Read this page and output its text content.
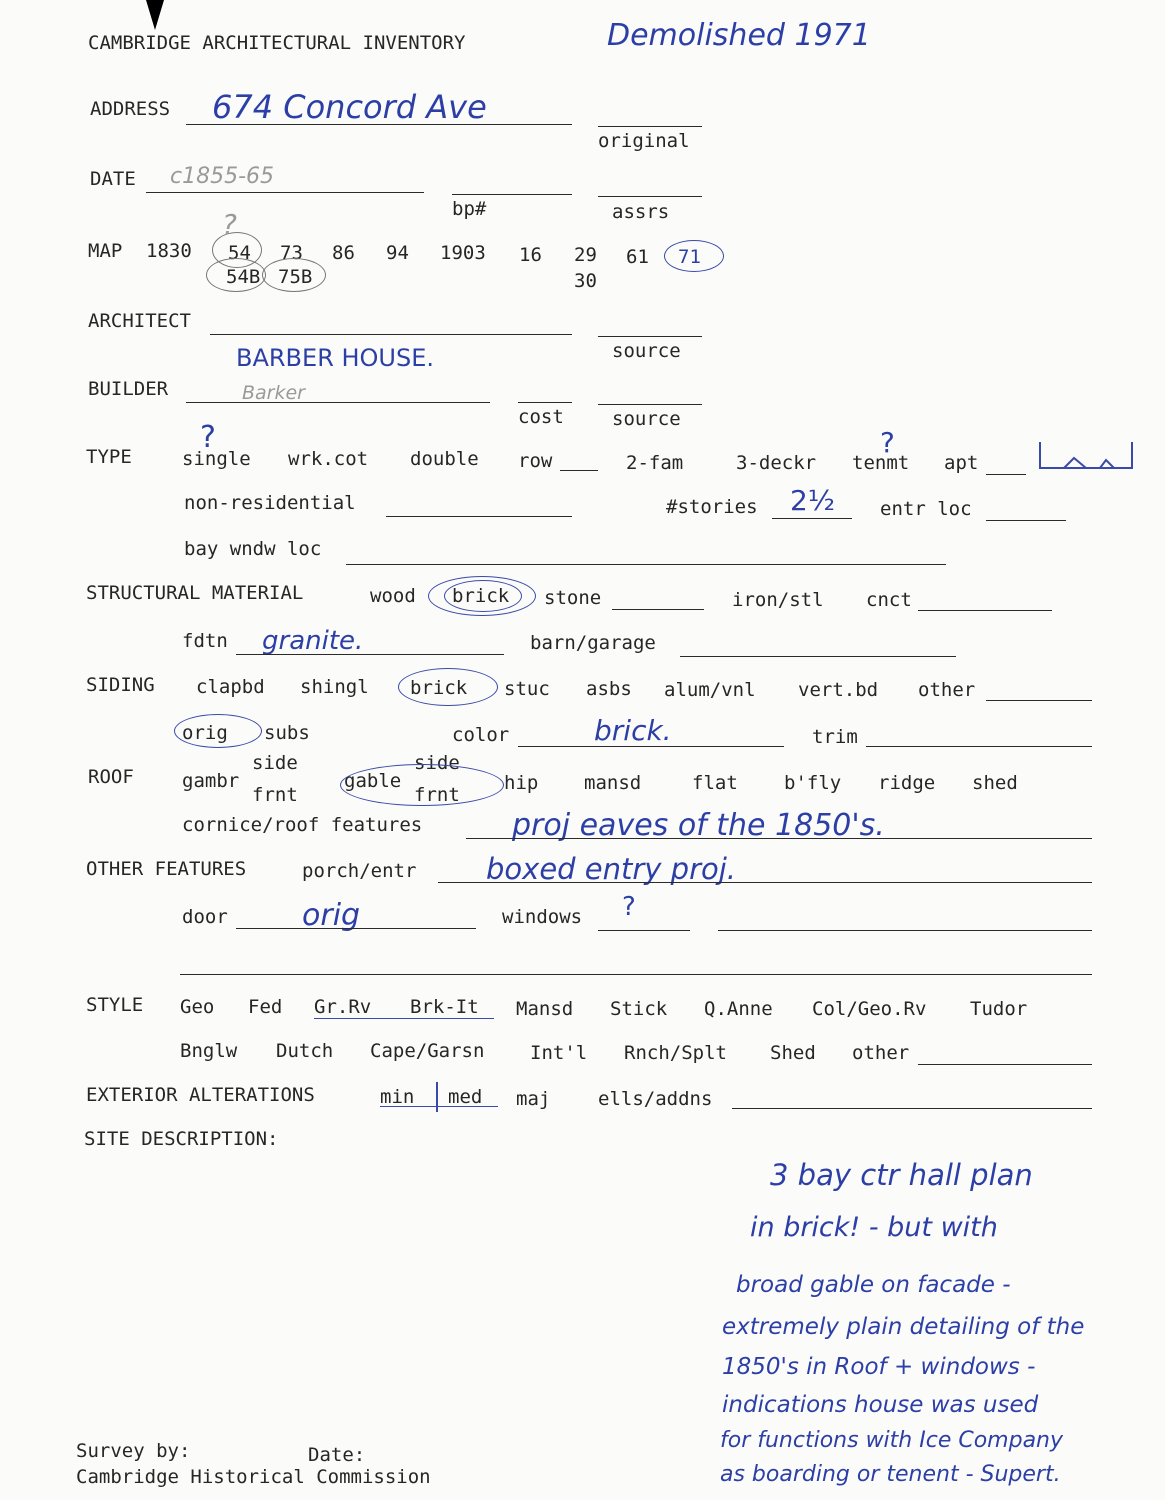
CAMBRIDGE ARCHITECTURAL INVENTORY	Demolished 1971
ADDRESS 674 Concord Ave
original
DATE c1855-65
bp#	assrs
MAP 1830 54 73 86 94 1903 16 29 61 71
54B 75B	30
?
ARCHITECT
source
BARBER HOUSE.
BUILDER	Barker
cost	source
TYPE	single wrk.cot double row	2-fam	3-deckr tenmt apt
?	?
non-residential	#stories 2½ entr loc
bay wndw loc
STRUCTURAL MATERIAL	wood brick stone	iron/stl cnct
fdtn granite.	barn/garage
SIDING clapbd shingl brick stuc asbs alum/vnl vert.bd other
orig subs	color	brick.	trim
ROOF	gambr
side
frnt
gable
side
frnt
hip mansd	flat b'fly ridge shed
cornice/roof features	proj eaves of the 1850's.
OTHER FEATURES	porch/entr boxed entry proj.
door orig	windows ?
STYLE Geo Fed Gr.Rv Brk-It Mansd Stick Q.Anne Col/Geo.Rv Tudor
Bnglw Dutch Cape/Garsn Int'l Rnch/Splt Shed other
EXTERIOR ALTERATIONS	min med maj	ells/addns
SITE DESCRIPTION:
3 bay ctr hall plan
in brick! - but with
broad gable on facade -
extremely plain detailing of the
1850's in Roof + windows -
indications house was used
for functions with Ice Company
as boarding or tenent - Supert.
Survey by:	Date:
Cambridge Historical Commission
